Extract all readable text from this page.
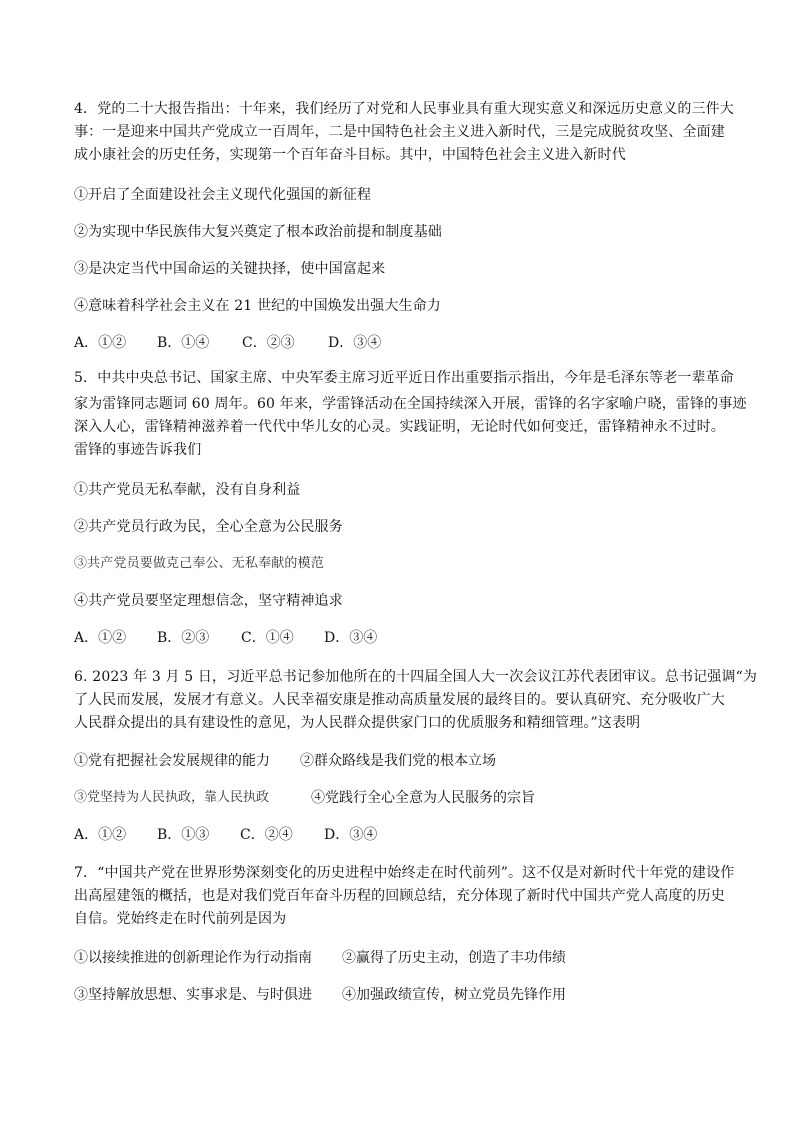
4．党的二十大报告指出：十年来，我们经历了对党和人民事业具有重大现实意义和深远历史意义的三件大
事：一是迎来中国共产党成立一百周年，二是中国特色社会主义进入新时代，三是完成脱贫攻坚、全面建
成小康社会的历史任务，实现第一个百年奋斗目标。其中，中国特色社会主义进入新时代
①开启了全面建设社会主义现代化强国的新征程
②为实现中华民族伟大复兴奠定了根本政治前提和制度基础
③是决定当代中国命运的关键抉择，使中国富起来
④意味着科学社会主义在 21 世纪的中国焕发出强大生命力
A．①② B．①④ C．②③ D．③④
5．中共中央总书记、国家主席、中央军委主席习近平近日作出重要指示指出，今年是毛泽东等老一辈革命
家为雷锋同志题词 60 周年。60 年来，学雷锋活动在全国持续深入开展，雷锋的名字家喻户晓，雷锋的事迹
深入人心，雷锋精神滋养着一代代中华儿女的心灵。实践证明，无论时代如何变迁，雷锋精神永不过时。
雷锋的事迹告诉我们
①共产党员无私奉献，没有自身利益
②共产党员行政为民，全心全意为公民服务
③共产党员要做克己奉公、无私奉献的模范
④共产党员要坚定理想信念，坚守精神追求
A．①② B．②③ C．①④ D．③④
6. 2023 年 3 月 5 日，习近平总书记参加他所在的十四届全国人大一次会议江苏代表团审议。总书记强调“为
了人民而发展，发展才有意义。人民幸福安康是推动高质量发展的最终目的。要认真研究、充分吸收广大
人民群众提出的具有建设性的意见，为人民群众提供家门口的优质服务和精细管理。”这表明
①党有把握社会发展规律的能力 ②群众路线是我们党的根本立场
③党坚持为人民执政，靠人民执政	④党践行全心全意为人民服务的宗旨
A．①② B．①③ C．②④ D．③④
7．“中国共产党在世界形势深刻变化的历史进程中始终走在时代前列”。这不仅是对新时代十年党的建设作
出高屋建瓴的概括，也是对我们党百年奋斗历程的回顾总结，充分体现了新时代中国共产党人高度的历史
自信。党始终走在时代前列是因为
①以接续推进的创新理论作为行动指南 ②赢得了历史主动，创造了丰功伟绩
③坚持解放思想、实事求是、与时俱进 ④加强政绩宣传，树立党员先锋作用
